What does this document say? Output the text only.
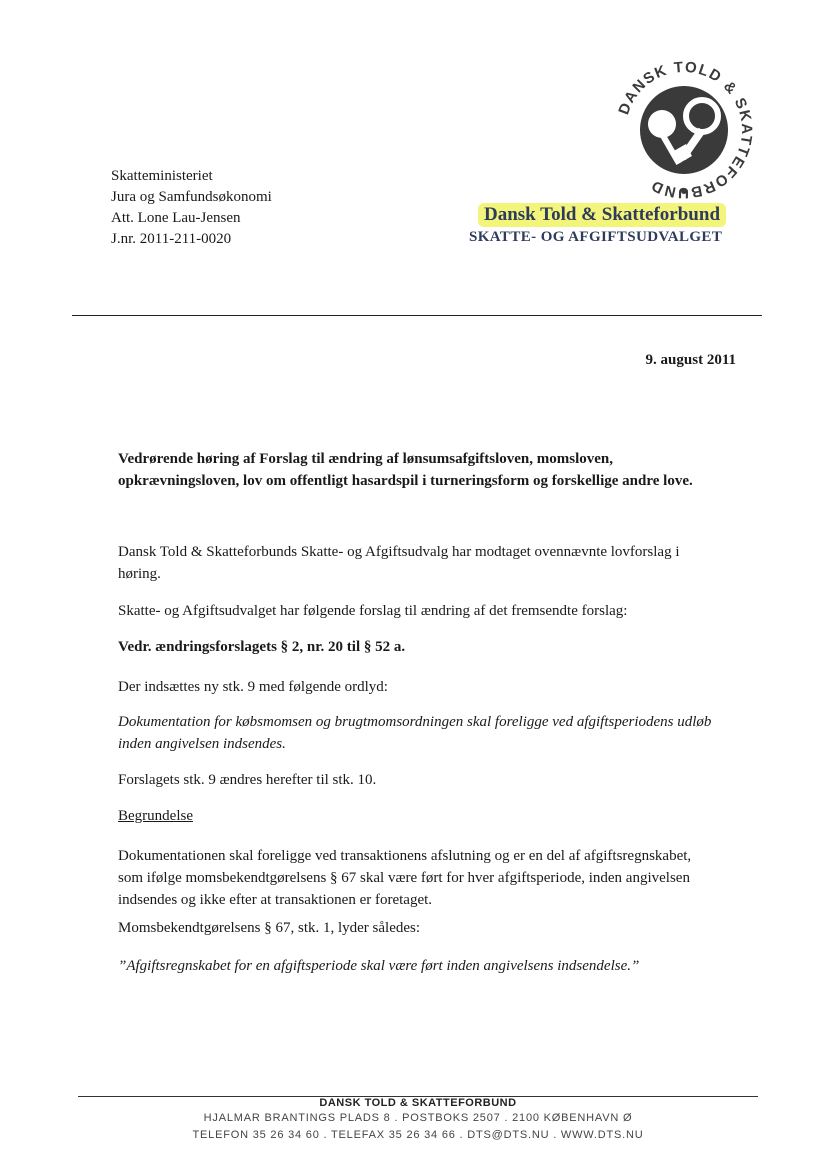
Skatteministeriet
Jura og Samfundsøkonomi
Att. Lone Lau-Jensen
J.nr. 2011-211-0020
DANSK TOLD & SKATTEFORBUND
Dansk Told & Skatteforbund
SKATTE- OG AFGIFTSUDVALGET
9. august 2011
Vedrørende høring af Forslag til ændring af lønsumsafgiftsloven, momsloven, opkrævningsloven, lov om offentligt hasardspil i turneringsform og forskellige andre love.
Dansk Told & Skatteforbunds Skatte- og Afgiftsudvalg har modtaget ovennævnte lovforslag i høring.
Skatte- og Afgiftsudvalget har følgende forslag til ændring af det fremsendte forslag:
Vedr. ændringsforslagets § 2, nr. 20 til § 52 a.
Der indsættes ny stk. 9 med følgende ordlyd:
Dokumentation for købsmomsen og brugtmomsordningen skal foreligge ved afgiftsperiodens udløb inden angivelsen indsendes.
Forslagets stk. 9 ændres herefter til stk. 10.
Begrundelse
Dokumentationen skal foreligge ved transaktionens afslutning og er en del af afgiftsregnskabet, som ifølge momsbekendtgørelsens § 67 skal være ført for hver afgiftsperiode, inden angivelsen indsendes og ikke efter at transaktionen er foretaget.
Momsbekendtgørelsens § 67, stk. 1, lyder således:
”Afgiftsregnskabet for en afgiftsperiode skal være ført inden angivelsens indsendelse.”
DANSK TOLD & SKATTEFORBUND
HJALMAR BRANTINGS PLADS 8 . POSTBOKS 2507 . 2100 KØBENHAVN Ø
TELEFON 35 26 34 60 . TELEFAX 35 26 34 66 . DTS@DTS.NU . WWW.DTS.NU
